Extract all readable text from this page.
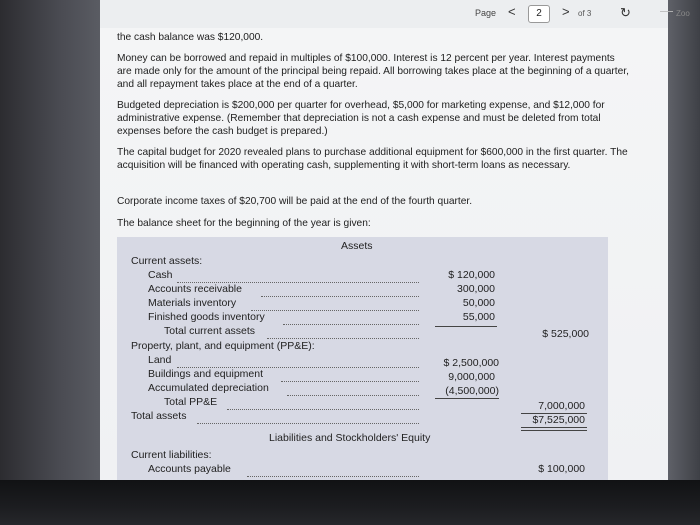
Page <	2	> of 3 ↻ — Zoo

the cash balance was $120,000.

Money can be borrowed and repaid in multiples of $100,000. Interest is 12 percent per year. Interest payments are made only for the amount of the principal being repaid. All borrowing takes place at the beginning of a quarter, and all repayment takes place at the end of a quarter.

Budgeted depreciation is $200,000 per quarter for overhead, $5,000 for marketing expense, and $12,000 for administrative expense. (Remember that depreciation is not a cash expense and must be deleted from total expenses before the cash budget is prepared.)

The capital budget for 2020 revealed plans to purchase additional equipment for $600,000 in the first quarter. The acquisition will be financed with operating cash, supplementing it with short-term loans as necessary.

Corporate income taxes of $20,700 will be paid at the end of the fourth quarter.

The balance sheet for the beginning of the year is given:

Assets
Current assets:
Cash	$ 120,000
Accounts receivable	300,000
Materials inventory	50,000
Finished goods inventory	55,000
Total current assets	$ 525,000
Property, plant, and equipment (PP&E):
Land	$ 2,500,000
Buildings and equipment	9,000,000
Accumulated depreciation	(4,500,000)
Total PP&E	7,000,000
Total assets	$7,525,000
Liabilities and Stockholders' Equity
Current liabilities:
Accounts payable	$ 100,000
